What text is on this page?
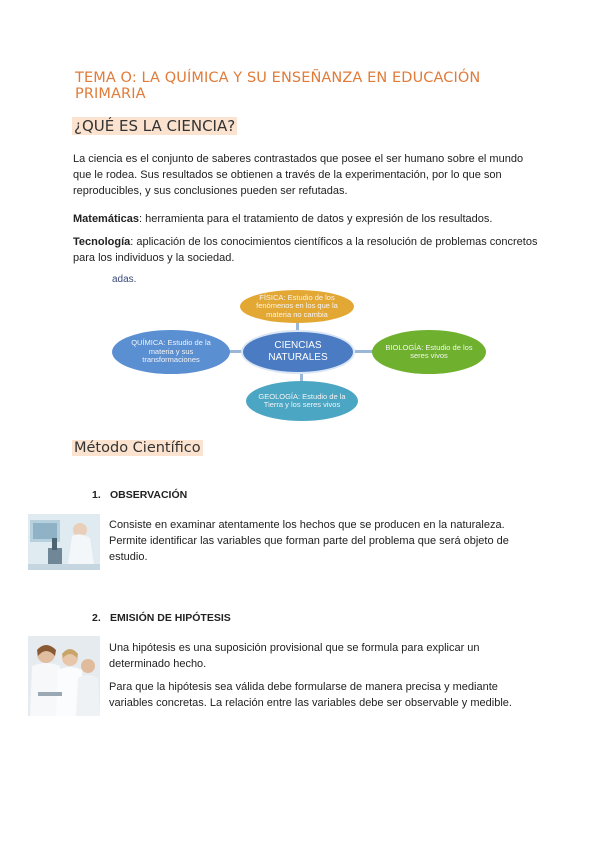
TEMA O: LA QUÍMICA Y SU ENSEÑANZA EN EDUCACIÓN PRIMARIA
¿QUÉ ES LA CIENCIA?
La ciencia es el conjunto de saberes contrastados que posee el ser humano sobre el mundo que le rodea. Sus resultados se obtienen a través de la experimentación, por lo que son reproducibles, y sus conclusiones pueden ser refutadas.
Matemáticas: herramienta para el tratamiento de datos y expresión de los resultados.
Tecnología: aplicación de los conocimientos científicos a la resolución de problemas concretos para los individuos y la sociedad.
adas.
FÍSICA: Estudio de los fenómenos en los que la materia no cambia
QUÍMICA: Estudio de la materia y sus transformaciones
CIENCIAS NATURALES
BIOLOGÍA: Estudio de los seres vivos
GEOLOGÍA: Estudio de la Tierra y los seres vivos
Método Científico
1. OBSERVACIÓN
Consiste en examinar atentamente los hechos que se producen en la naturaleza. Permite identificar las variables que forman parte del problema que será objeto de estudio.
2. EMISIÓN DE HIPÓTESIS
Una hipótesis es una suposición provisional que se formula para explicar un determinado hecho.
Para que la hipótesis sea válida debe formularse de manera precisa y mediante variables concretas. La relación entre las variables debe ser observable y medible.
